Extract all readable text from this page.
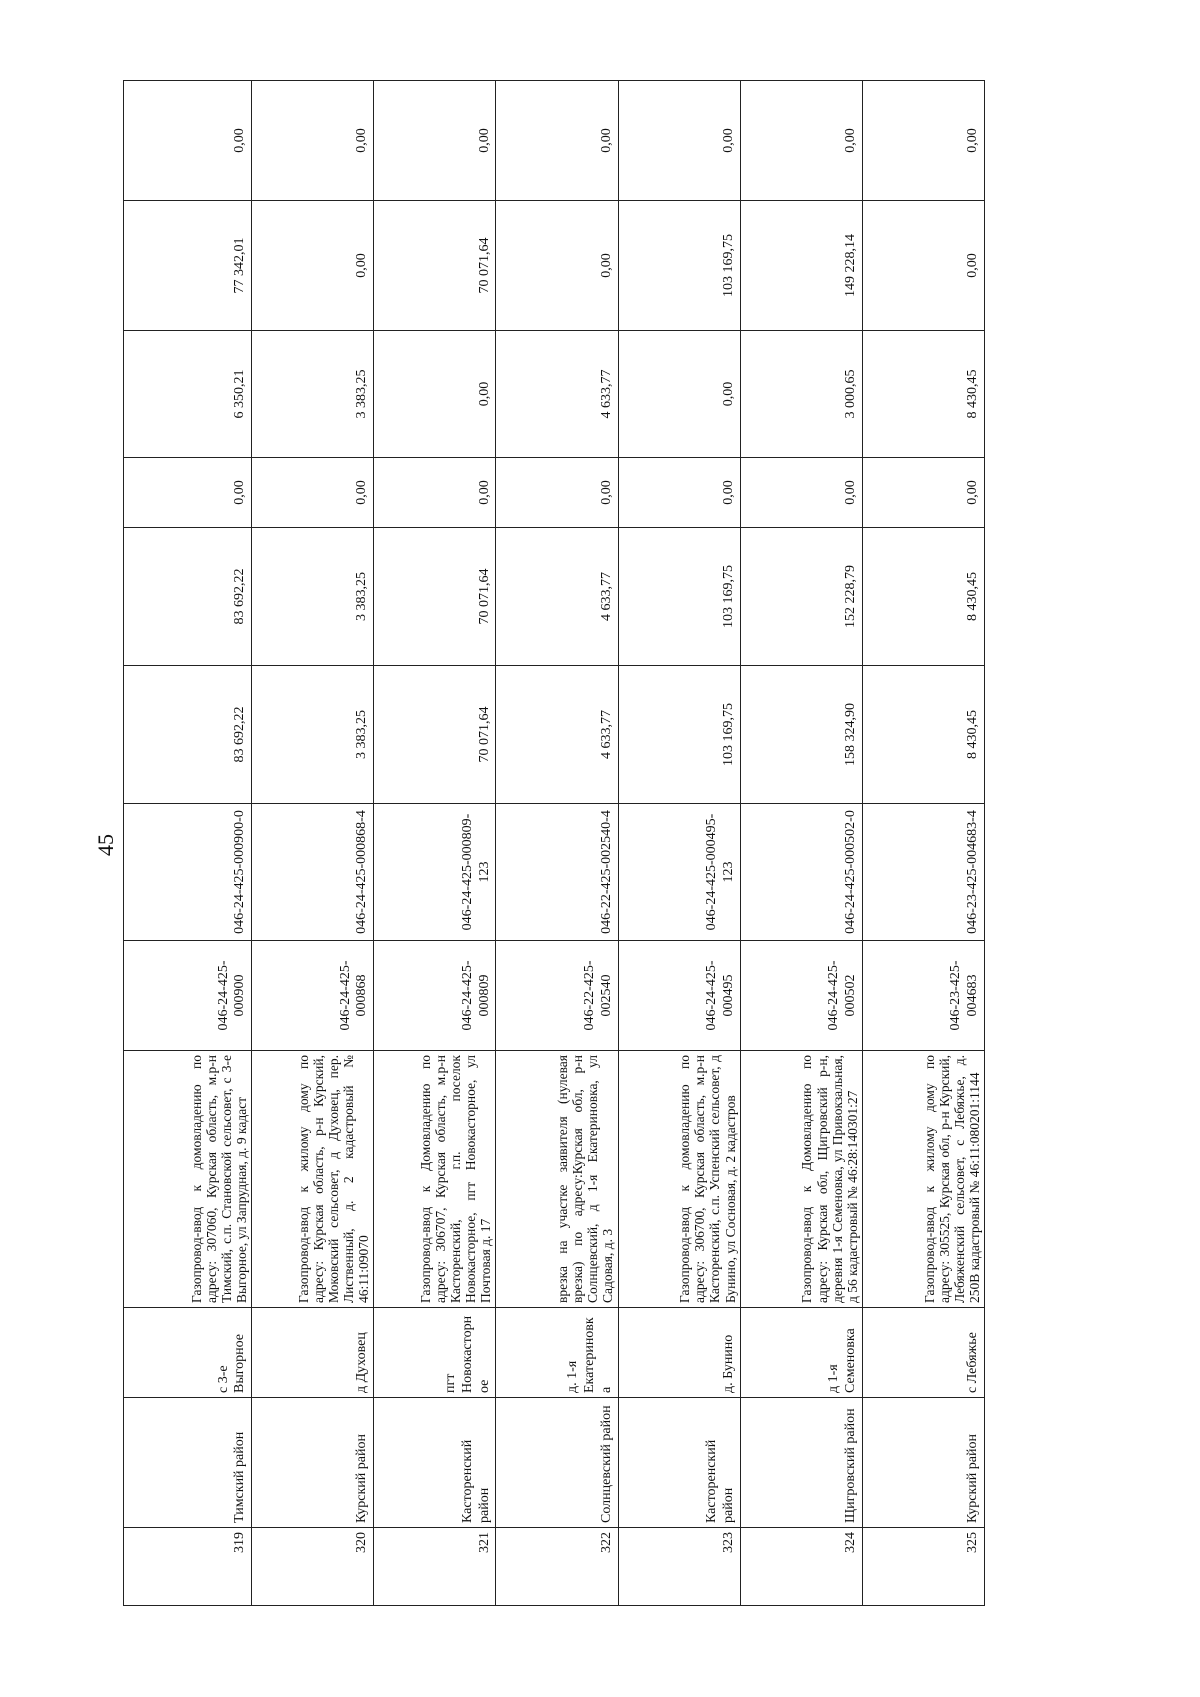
45
319	Тимский район	с 3-е Выгорное	Газопровод-ввод к домовладению по адресу: 307060, Курская область, м.р-н Тимский, с.п. Становской сельсовет, с 3-е Выгорное, ул Запрудная, д. 9 кадаст	046-24-425-000900	046-24-425-000900-0	83 692,22	83 692,22	0,00	6 350,21	77 342,01	0,00
320	Курский район	д Духовец	Газопровод-ввод к жилому дому по адресу: Курская область, р-н Курский, Моковский сельсовет, д Духовец, пер. Лиственный, д. 2 кадастровый № 46:11:09070	046-24-425-000868	046-24-425-000868-4	3 383,25	3 383,25	0,00	3 383,25	0,00	0,00
321	Касторенский район	пгт Новокасторное	Газопровод-ввод к Домовладению по адресу: 306707, Курская область, м.р-н Касторенский, г.п. поселок Новокасторное, пгт Новокасторное, ул Почтовая д. 17	046-24-425-000809	046-24-425-000809-123	70 071,64	70 071,64	0,00	0,00	70 071,64	0,00
322	Солнцевский район	д. 1-я Екатериновка	врезка на участке заявителя (нулевая врезка) по адресу:Курская обл, р-н Солнцевский, д 1-я Екатериновка, ул Садовая, д. 3	046-22-425-002540	046-22-425-002540-4	4 633,77	4 633,77	0,00	4 633,77	0,00	0,00
323	Касторенский район	д. Бунино	Газопровод-ввод к домовладению по адресу: 306700, Курская область, м.р-н Касторенский, с.п. Успенский сельсовет, д Бунино, ул Сосновая, д. 2 кадастров	046-24-425-000495	046-24-425-000495-123	103 169,75	103 169,75	0,00	0,00	103 169,75	0,00
324	Щигровский район	д 1-я Семеновка	Газопровод-ввод к Домовладению по адресу: Курская обл, Щигровский р-н, деревня 1-я Семеновка, ул Привокзальная, д 56 кадастровый № 46:28:140301:27	046-24-425-000502	046-24-425-000502-0	158 324,90	152 228,79	0,00	3 000,65	149 228,14	0,00
325	Курский район	с Лебяжье	Газопровод-ввод к жилому дому по адресу: 305525, Курская обл, р-н Курский, Лебяженский сельсовет, с Лебяжье, д. 250В кадастровый № 46:11:080201:1144	046-23-425-004683	046-23-425-004683-4	8 430,45	8 430,45	0,00	8 430,45	0,00	0,00
